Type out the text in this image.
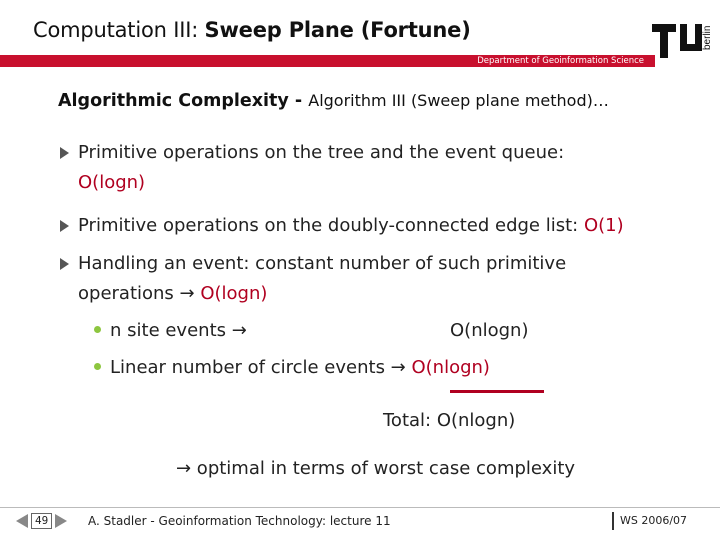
Computation III: Sweep Plane (Fortune)
Department of Geoinformation Science
berlin
Algorithmic Complexity - Algorithm III (Sweep plane method)…
Primitive operations on the tree and the event queue:
O(logn)
Primitive operations on the doubly-connected edge list: O(1)
Handling an event: constant number of such primitive
operations → O(logn)
n site events →	O(nlogn)
Linear number of circle events → O(nlogn)
Total: O(nlogn)
→ optimal in terms of worst case complexity
49	A. Stadler - Geoinformation Technology: lecture 11	WS 2006/07
